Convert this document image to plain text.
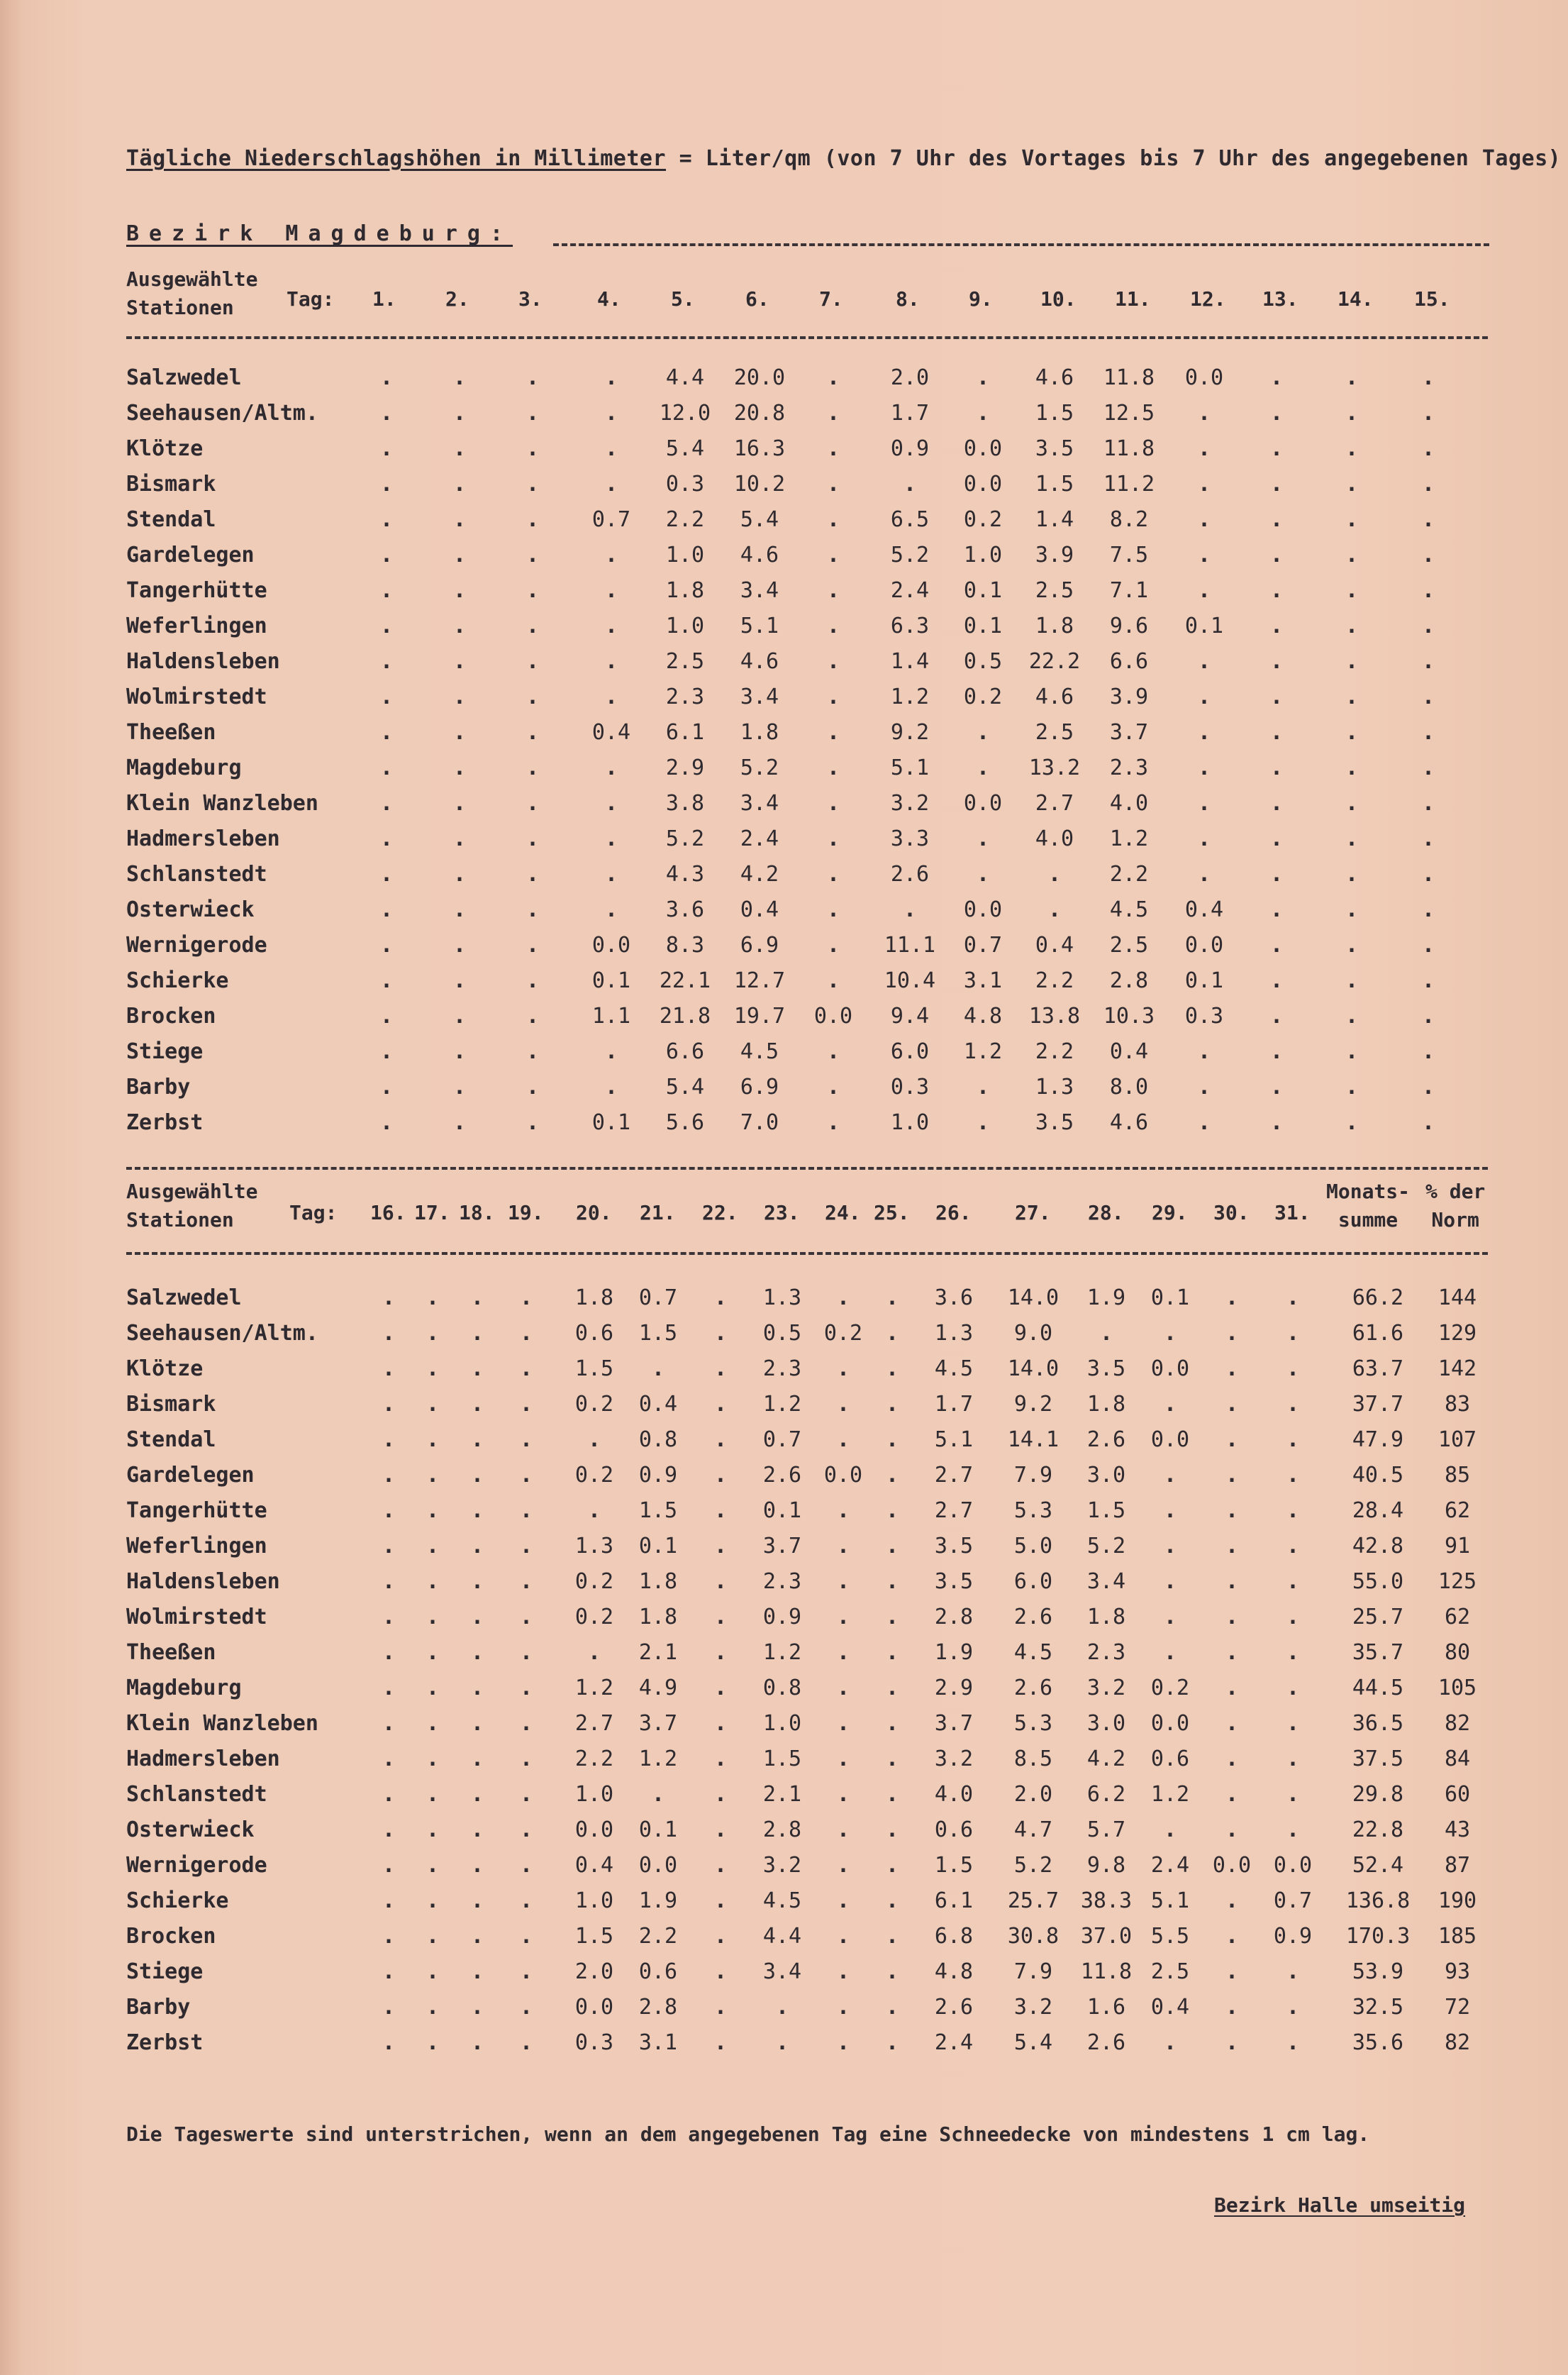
Tägliche Niederschlagshöhen in Millimeter = Liter/qm (von 7 Uhr des Vortages bis 7 Uhr des angegebenen Tages)
Bezirk Magdeburg:
Ausgewählte
Stationen	Tag: 1. 2. 3.	4.	5.	6.	7.	8. 9. 10. 11. 12. 13. 14. 15.
Salzwedel	.	.	.	. 4.4 20.0 . 2.0 . 4.6 11.8 0.0 .	.	.
Seehausen/Altm.	.	.	.	. 12.0 20.8 . 1.7 . 1.5 12.5 .	.	.	.
Klötze	.	.	.	. 5.4 16.3 . 0.9 0.0 3.5 11.8 .	.	.	.
Bismark	.	.	.	. 0.3 10.2 .	. 0.0 1.5 11.2 .	.	.	.
Stendal	.	.	. 0.7 2.2 5.4 . 6.5 0.2 1.4 8.2 .	.	.	.
Gardelegen	.	.	.	. 1.0 4.6 . 5.2 1.0 3.9 7.5 .	.	.	.
Tangerhütte	.	.	.	. 1.8 3.4 . 2.4 0.1 2.5 7.1 .	.	.	.
Weferlingen	.	.	.	. 1.0 5.1 . 6.3 0.1 1.8 9.6 0.1 .	.	.
Haldensleben	.	.	.	. 2.5 4.6 . 1.4 0.5 22.2 6.6 .	.	.	.
Wolmirstedt	.	.	.	. 2.3 3.4 . 1.2 0.2 4.6 3.9 .	.	.	.
Theeßen	.	.	. 0.4 6.1 1.8 . 9.2 . 2.5 3.7 .	.	.	.
Magdeburg	.	.	.	. 2.9 5.2 . 5.1 . 13.2 2.3 .	.	.	.
Klein Wanzleben	.	.	.	. 3.8 3.4 . 3.2 0.0 2.7 4.0 .	.	.	.
Hadmersleben	.	.	.	. 5.2 2.4 . 3.3 . 4.0 1.2 .	.	.	.
Schlanstedt	.	.	.	. 4.3 4.2 . 2.6 .	. 2.2 .	.	.	.
Osterwieck	.	.	.	. 3.6 0.4 .	. 0.0 . 4.5 0.4 .	.	.
Wernigerode	.	.	. 0.0 8.3 6.9 . 11.1 0.7 0.4 2.5 0.0 .	.	.
Schierke	.	.	. 0.1 22.1 12.7 . 10.4 3.1 2.2 2.8 0.1 .	.	.
Brocken	.	.	. 1.1 21.8 19.7 0.0 9.4 4.8 13.8 10.3 0.3 .	.	.
Stiege	.	.	.	. 6.6 4.5 . 6.0 1.2 2.2 0.4 .	.	.	.
Barby	.	.	.	. 5.4 6.9 . 0.3 . 1.3 8.0 .	.	.	.
Zerbst	.	.	. 0.1 5.6 7.0 . 1.0 . 3.5 4.6 .	.	.	.
Ausgewählte
Stationen	Tag: 16. 17. 18. 19. 20. 21. 22. 23. 24. 25. 26. 27. 28. 29. 30. 31.
Monats-
summe
% der
Norm
Salzwedel	. . . . 1.8 0.7 . 1.3 . . 3.6 14.0 1.9 0.1 . . 66.2 144
Seehausen/Altm.	. . . . 0.6 1.5 . 0.5 0.2 . 1.3 9.0 . . . . 61.6 129
Klötze	. . . . 1.5 . . 2.3 . . 4.5 14.0 3.5 0.0 . . 63.7 142
Bismark	. . . . 0.2 0.4 . 1.2 . . 1.7 9.2 1.8 . . . 37.7 83
Stendal	. . . .	. 0.8 . 0.7 . . 5.1 14.1 2.6 0.0 . . 47.9 107
Gardelegen	. . . . 0.2 0.9 . 2.6 0.0 . 2.7 7.9 3.0 . . . 40.5 85
Tangerhütte	. . . .	. 1.5 . 0.1 . . 2.7 5.3 1.5 . . . 28.4 62
Weferlingen	. . . . 1.3 0.1 . 3.7 . . 3.5 5.0 5.2 . . . 42.8 91
Haldensleben	. . . . 0.2 1.8 . 2.3 . . 3.5 6.0 3.4 . . . 55.0 125
Wolmirstedt	. . . . 0.2 1.8 . 0.9 . . 2.8 2.6 1.8 . . . 25.7 62
Theeßen	. . . .	. 2.1 . 1.2 . . 1.9 4.5 2.3 . . . 35.7 80
Magdeburg	. . . . 1.2 4.9 . 0.8 . . 2.9 2.6 3.2 0.2 . . 44.5 105
Klein Wanzleben	. . . . 2.7 3.7 . 1.0 . . 3.7 5.3 3.0 0.0 . . 36.5 82
Hadmersleben	. . . . 2.2 1.2 . 1.5 . . 3.2 8.5 4.2 0.6 . . 37.5 84
Schlanstedt	. . . . 1.0 . . 2.1 . . 4.0 2.0 6.2 1.2 . . 29.8 60
Osterwieck	. . . . 0.0 0.1 . 2.8 . . 0.6 4.7 5.7 . . . 22.8 43
Wernigerode	. . . . 0.4 0.0 . 3.2 . . 1.5 5.2 9.8 2.4 0.0 0.0 52.4 87
Schierke	. . . . 1.0 1.9 . 4.5 . . 6.1 25.7 38.3 5.1 . 0.7 136.8 190
Brocken	. . . . 1.5 2.2 . 4.4 . . 6.8 30.8 37.0 5.5 . 0.9 170.3 185
Stiege	. . . . 2.0 0.6 . 3.4 . . 4.8 7.9 11.8 2.5 . . 53.9 93
Barby	. . . . 0.0 2.8 . . . . 2.6 3.2 1.6 0.4 . . 32.5 72
Zerbst	. . . . 0.3 3.1 . . . . 2.4 5.4 2.6 . . . 35.6 82
Die Tageswerte sind unterstrichen, wenn an dem angegebenen Tag eine Schneedecke von mindestens 1 cm lag.
Bezirk Halle umseitig
